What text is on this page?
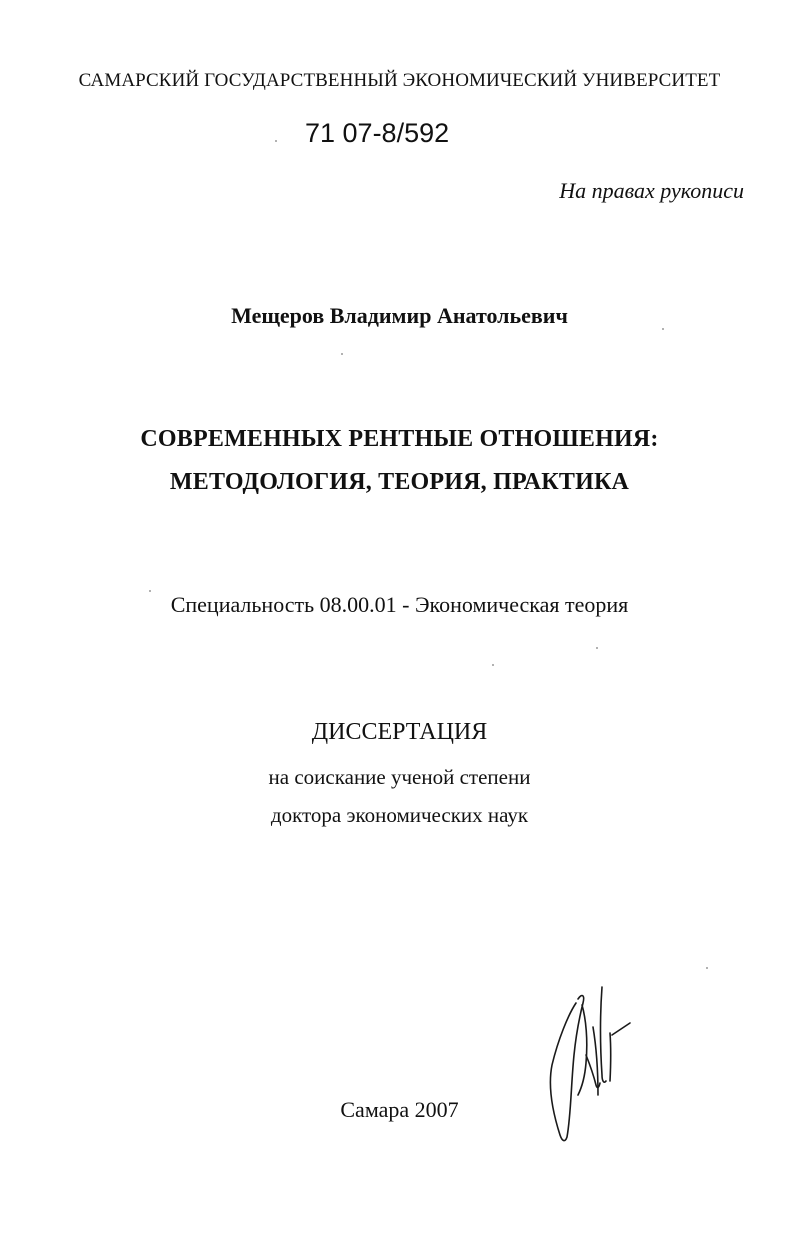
САМАРСКИЙ ГОСУДАРСТВЕННЫЙ ЭКОНОМИЧЕСКИЙ УНИВЕРСИТЕТ

71 07-8/592

На правах рукописи

Мещеров Владимир Анатольевич

СОВРЕМЕННЫХ РЕНТНЫЕ ОТНОШЕНИЯ:

МЕТОДОЛОГИЯ, ТЕОРИЯ, ПРАКТИКА

Специальность 08.00.01 - Экономическая теория

ДИССЕРТАЦИЯ

на соискание ученой степени

доктора экономических наук

Самара 2007
